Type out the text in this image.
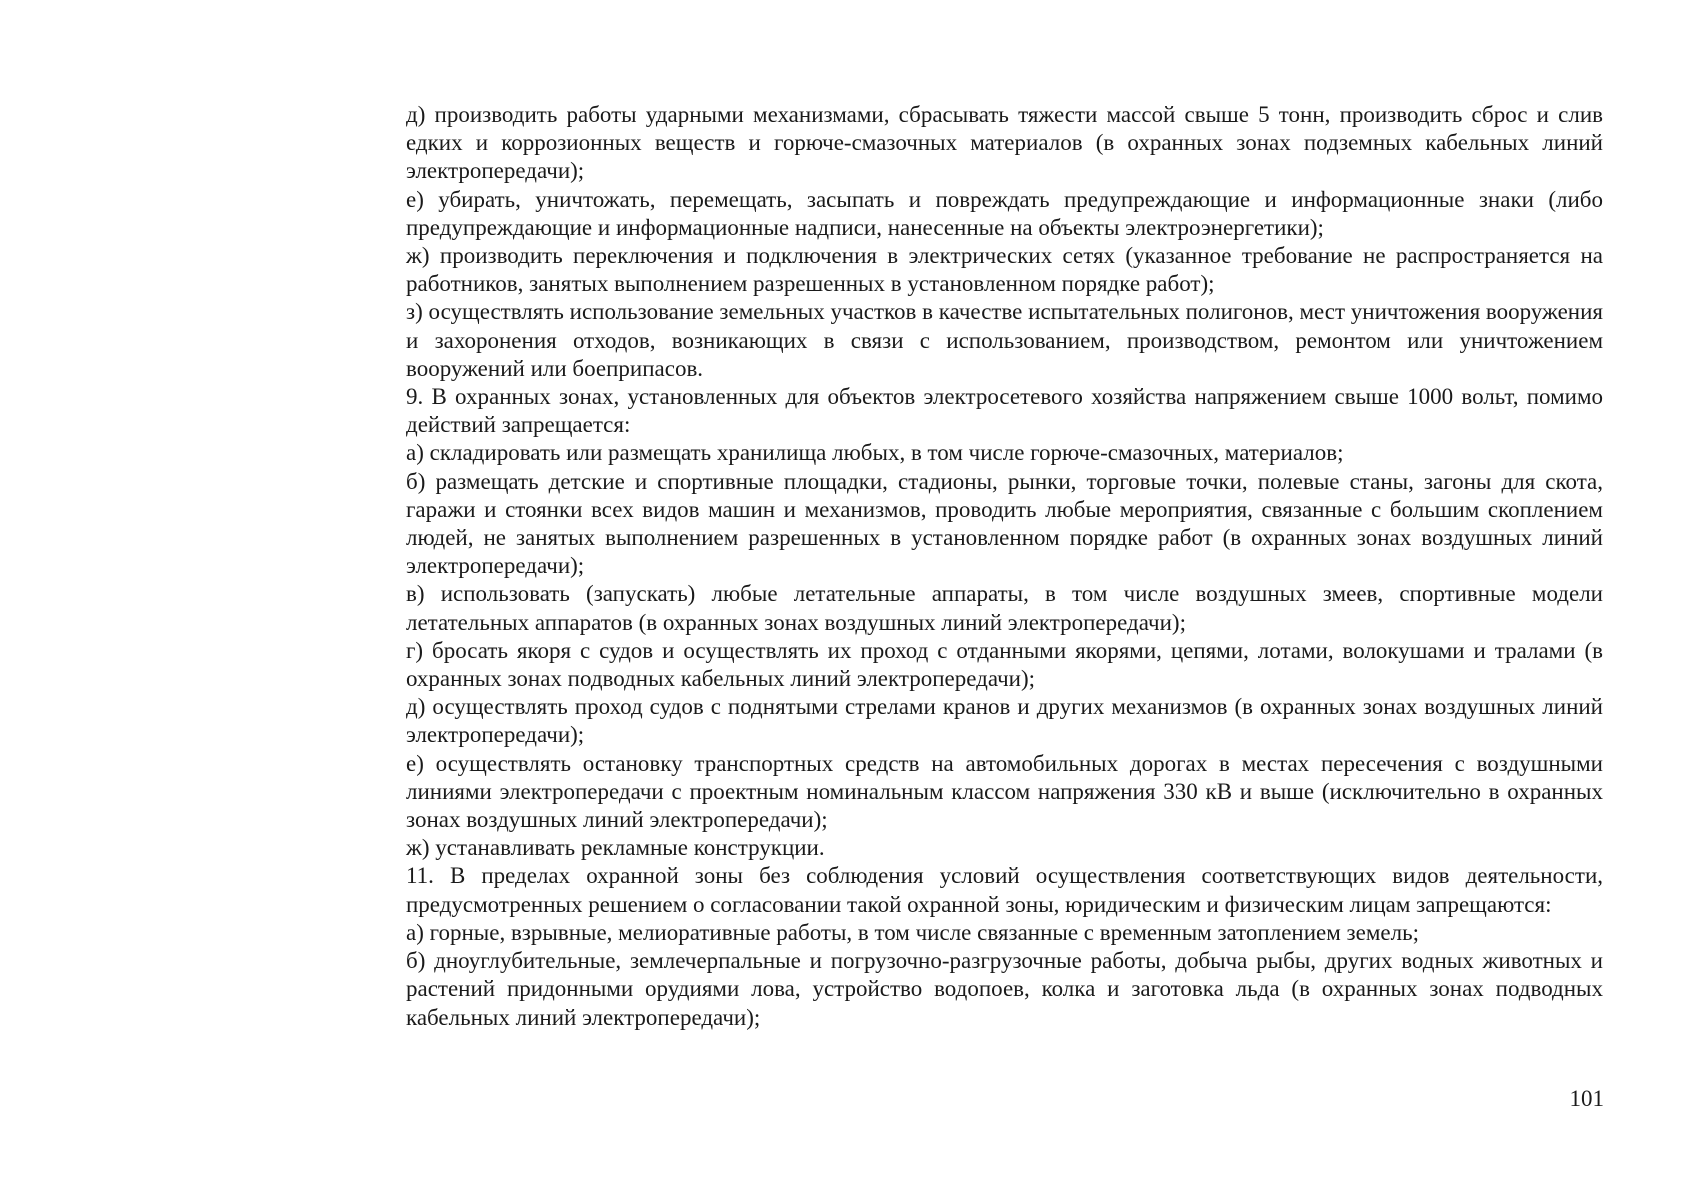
д) производить работы ударными механизмами, сбрасывать тяжести массой свыше 5 тонн, производить сброс и слив едких и коррозионных веществ и горюче-смазочных материалов (в охранных зонах подземных кабельных линий электропередачи);

е) убирать, уничтожать, перемещать, засыпать и повреждать предупреждающие и информационные знаки (либо предупреждающие и информационные надписи, нанесенные на объекты электроэнергетики);

ж) производить переключения и подключения в электрических сетях (указанное требование не распространяется на работников, занятых выполнением разрешенных в установленном порядке работ);

з) осуществлять использование земельных участков в качестве испытательных полигонов, мест уничтожения вооружения и захоронения отходов, возникающих в связи с использованием, производством, ремонтом или уничтожением вооружений или боеприпасов.

9. В охранных зонах, установленных для объектов электросетевого хозяйства напряжением свыше 1000 вольт, помимо действий запрещается:

а) складировать или размещать хранилища любых, в том числе горюче-смазочных, материалов;

б) размещать детские и спортивные площадки, стадионы, рынки, торговые точки, полевые станы, загоны для скота, гаражи и стоянки всех видов машин и механизмов, проводить любые мероприятия, связанные с большим скоплением людей, не занятых выполнением разрешенных в установленном порядке работ (в охранных зонах воздушных линий электропередачи);

в) использовать (запускать) любые летательные аппараты, в том числе воздушных змеев, спортивные модели летательных аппаратов (в охранных зонах воздушных линий электропередачи);

г) бросать якоря с судов и осуществлять их проход с отданными якорями, цепями, лотами, волокушами и тралами (в охранных зонах подводных кабельных линий электропередачи);

д) осуществлять проход судов с поднятыми стрелами кранов и других механизмов (в охранных зонах воздушных линий электропередачи);

е) осуществлять остановку транспортных средств на автомобильных дорогах в местах пересечения с воздушными линиями электропередачи с проектным номинальным классом напряжения 330 кВ и выше (исключительно в охранных зонах воздушных линий электропередачи);

ж) устанавливать рекламные конструкции.

11. В пределах охранной зоны без соблюдения условий осуществления соответствующих видов деятельности, предусмотренных решением о согласовании такой охранной зоны, юридическим и физическим лицам запрещаются:

а) горные, взрывные, мелиоративные работы, в том числе связанные с временным затоплением земель;

б) дноуглубительные, землечерпальные и погрузочно-разгрузочные работы, добыча рыбы, других водных животных и растений придонными орудиями лова, устройство водопоев, колка и заготовка льда (в охранных зонах подводных кабельных линий электропередачи);

101
